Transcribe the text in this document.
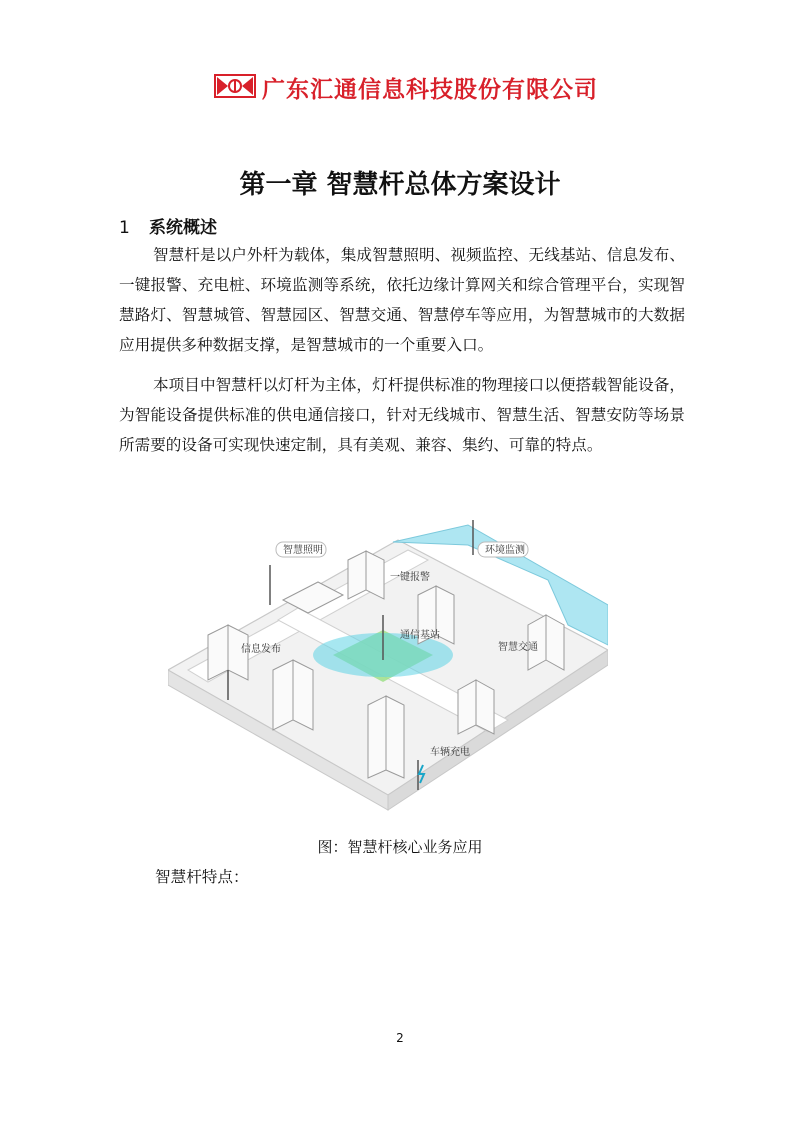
广东汇通信息科技股份有限公司
第一章 智慧杆总体方案设计
1 系统概述
智慧杆是以户外杆为载体，集成智慧照明、视频监控、无线基站、信息发布、一键报警、充电桩、环境监测等系统，依托边缘计算网关和综合管理平台，实现智慧路灯、智慧城管、智慧园区、智慧交通、智慧停车等应用，为智慧城市的大数据应用提供多种数据支撑，是智慧城市的一个重要入口。
本项目中智慧杆以灯杆为主体，灯杆提供标准的物理接口以便搭载智能设备，为智能设备提供标准的供电通信接口，针对无线城市、智慧生活、智慧安防等场景所需要的设备可实现快速定制，具有美观、兼容、集约、可靠的特点。
智慧照明	环境监测
一键报警
通信基站
智慧交通
信息发布
车辆充电
图：智慧杆核心业务应用
智慧杆特点：
2
